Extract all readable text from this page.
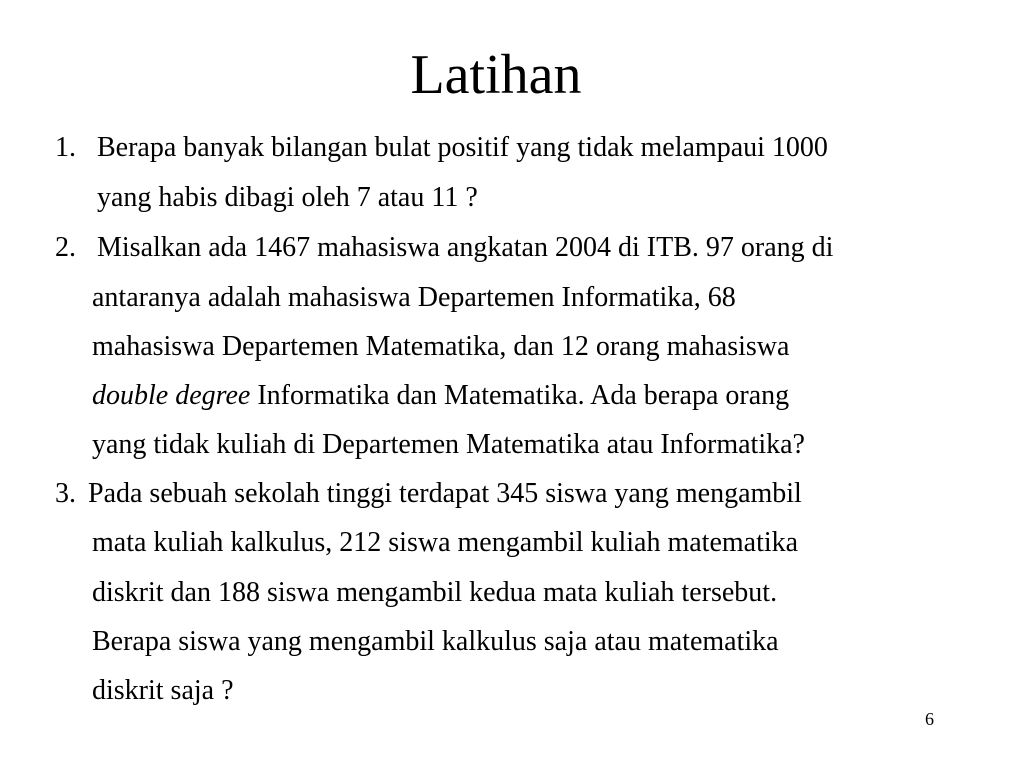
Latihan
1. Berapa banyak bilangan bulat positif yang tidak melampaui 1000
yang habis dibagi oleh 7 atau 11 ?
2. Misalkan ada 1467 mahasiswa angkatan 2004 di ITB. 97 orang di
antaranya adalah mahasiswa Departemen Informatika, 68
mahasiswa Departemen Matematika, dan 12 orang mahasiswa
double degree Informatika dan Matematika. Ada berapa orang
yang tidak kuliah di Departemen Matematika atau Informatika?
3. Pada sebuah sekolah tinggi terdapat 345 siswa yang mengambil
mata kuliah kalkulus, 212 siswa mengambil kuliah matematika
diskrit dan 188 siswa mengambil kedua mata kuliah tersebut.
Berapa siswa yang mengambil kalkulus saja atau matematika
diskrit saja ?
6
